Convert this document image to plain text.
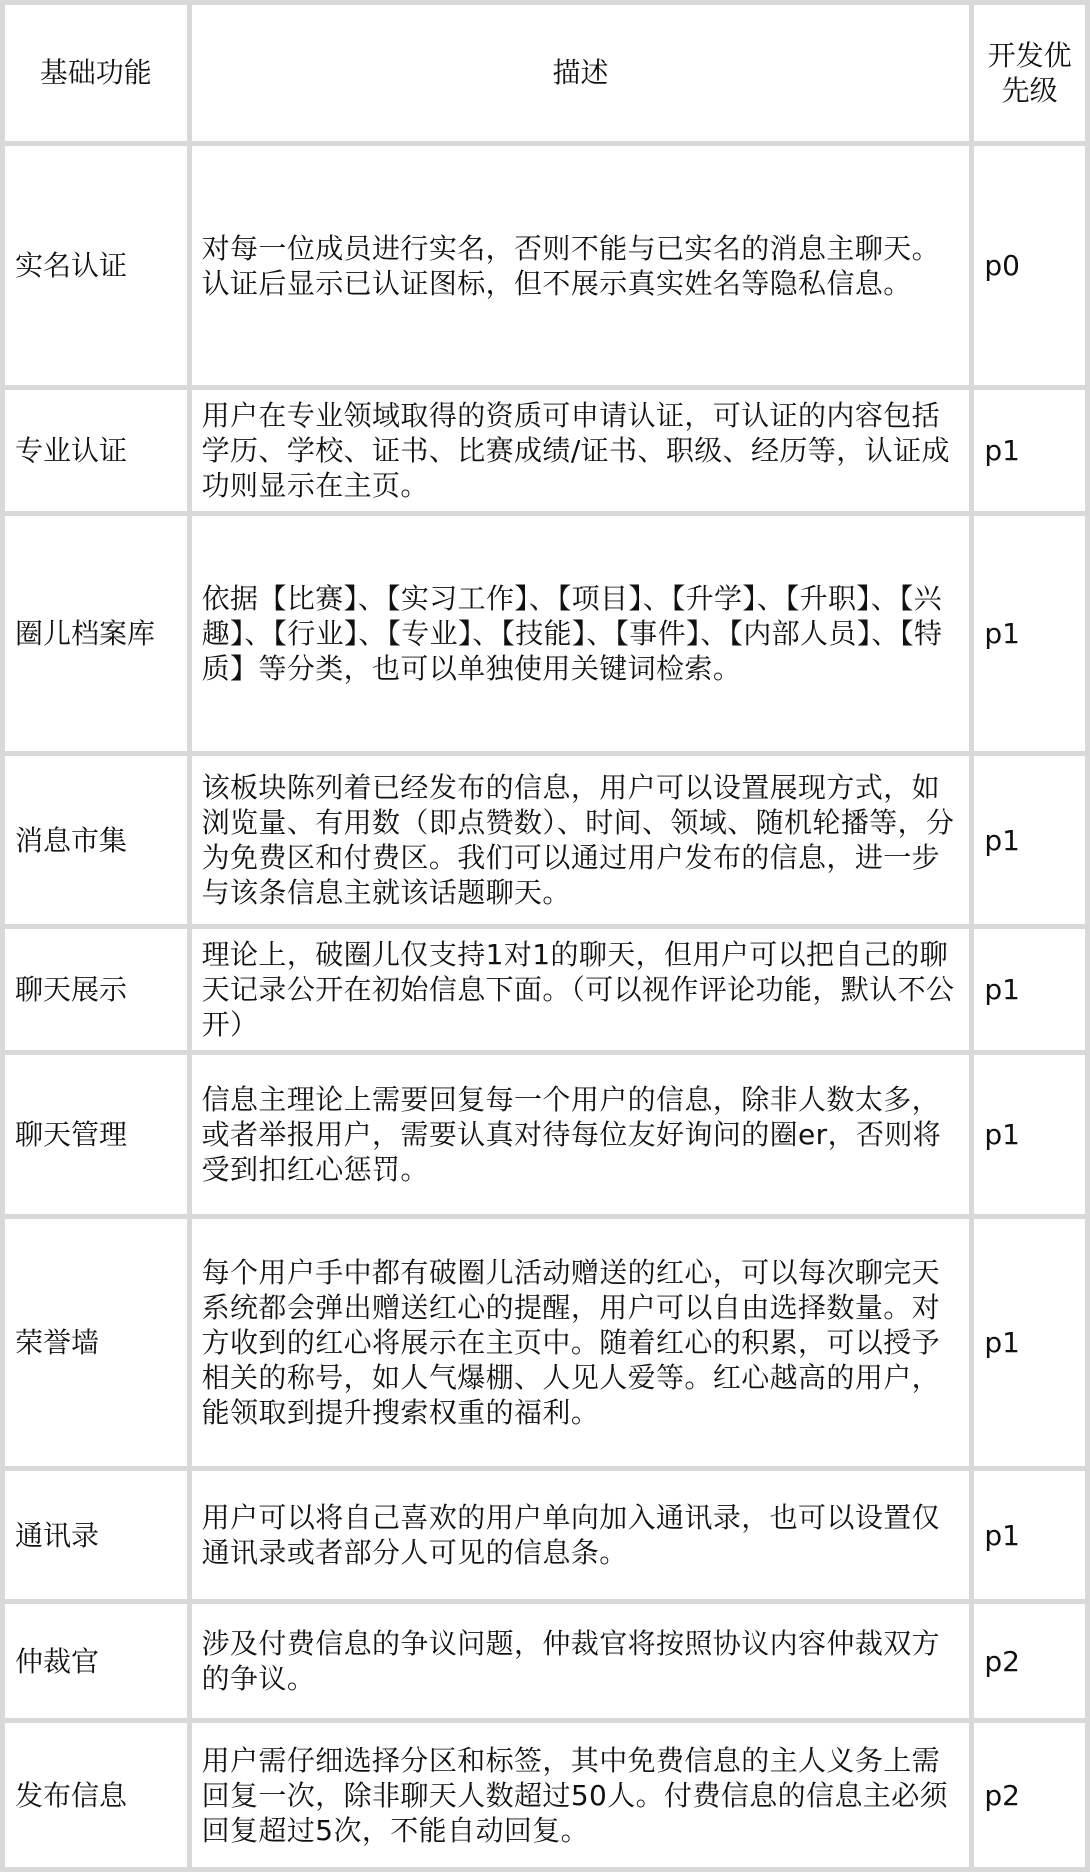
基础功能	描述	开发优先级
实名认证	对每一位成员进行实名，否则不能与已实名的消息主聊天。认证后显示已认证图标，但不展示真实姓名等隐私信息。	p0
专业认证	用户在专业领域取得的资质可申请认证，可认证的内容包括学历、学校、证书、比赛成绩/证书、职级、经历等，认证成功则显示在主页。	p1
圈儿档案库	依据【比赛】、【实习工作】、【项目】、【升学】、【升职】、【兴趣】、【行业】、【专业】、【技能】、【事件】、【内部人员】、【特质】等分类，也可以单独使用关键词检索。	p1
消息市集	该板块陈列着已经发布的信息，用户可以设置展现方式，如浏览量、有用数（即点赞数）、时间、领域、随机轮播等，分为免费区和付费区。我们可以通过用户发布的信息，进一步与该条信息主就该话题聊天。	p1
聊天展示	理论上，破圈儿仅支持1对1的聊天，但用户可以把自己的聊天记录公开在初始信息下面。（可以视作评论功能，默认不公开）	p1
聊天管理	信息主理论上需要回复每一个用户的信息，除非人数太多，或者举报用户，需要认真对待每位友好询问的圈er，否则将受到扣红心惩罚。	p1
荣誉墙	每个用户手中都有破圈儿活动赠送的红心，可以每次聊完天系统都会弹出赠送红心的提醒，用户可以自由选择数量。对方收到的红心将展示在主页中。随着红心的积累，可以授予相关的称号，如人气爆棚、人见人爱等。红心越高的用户，能领取到提升搜索权重的福利。	p1
通讯录	用户可以将自己喜欢的用户单向加入通讯录，也可以设置仅通讯录或者部分人可见的信息条。	p1
仲裁官	涉及付费信息的争议问题，仲裁官将按照协议内容仲裁双方的争议。	p2
发布信息	用户需仔细选择分区和标签，其中免费信息的主人义务上需回复一次，除非聊天人数超过50人。付费信息的信息主必须回复超过5次，不能自动回复。	p2
